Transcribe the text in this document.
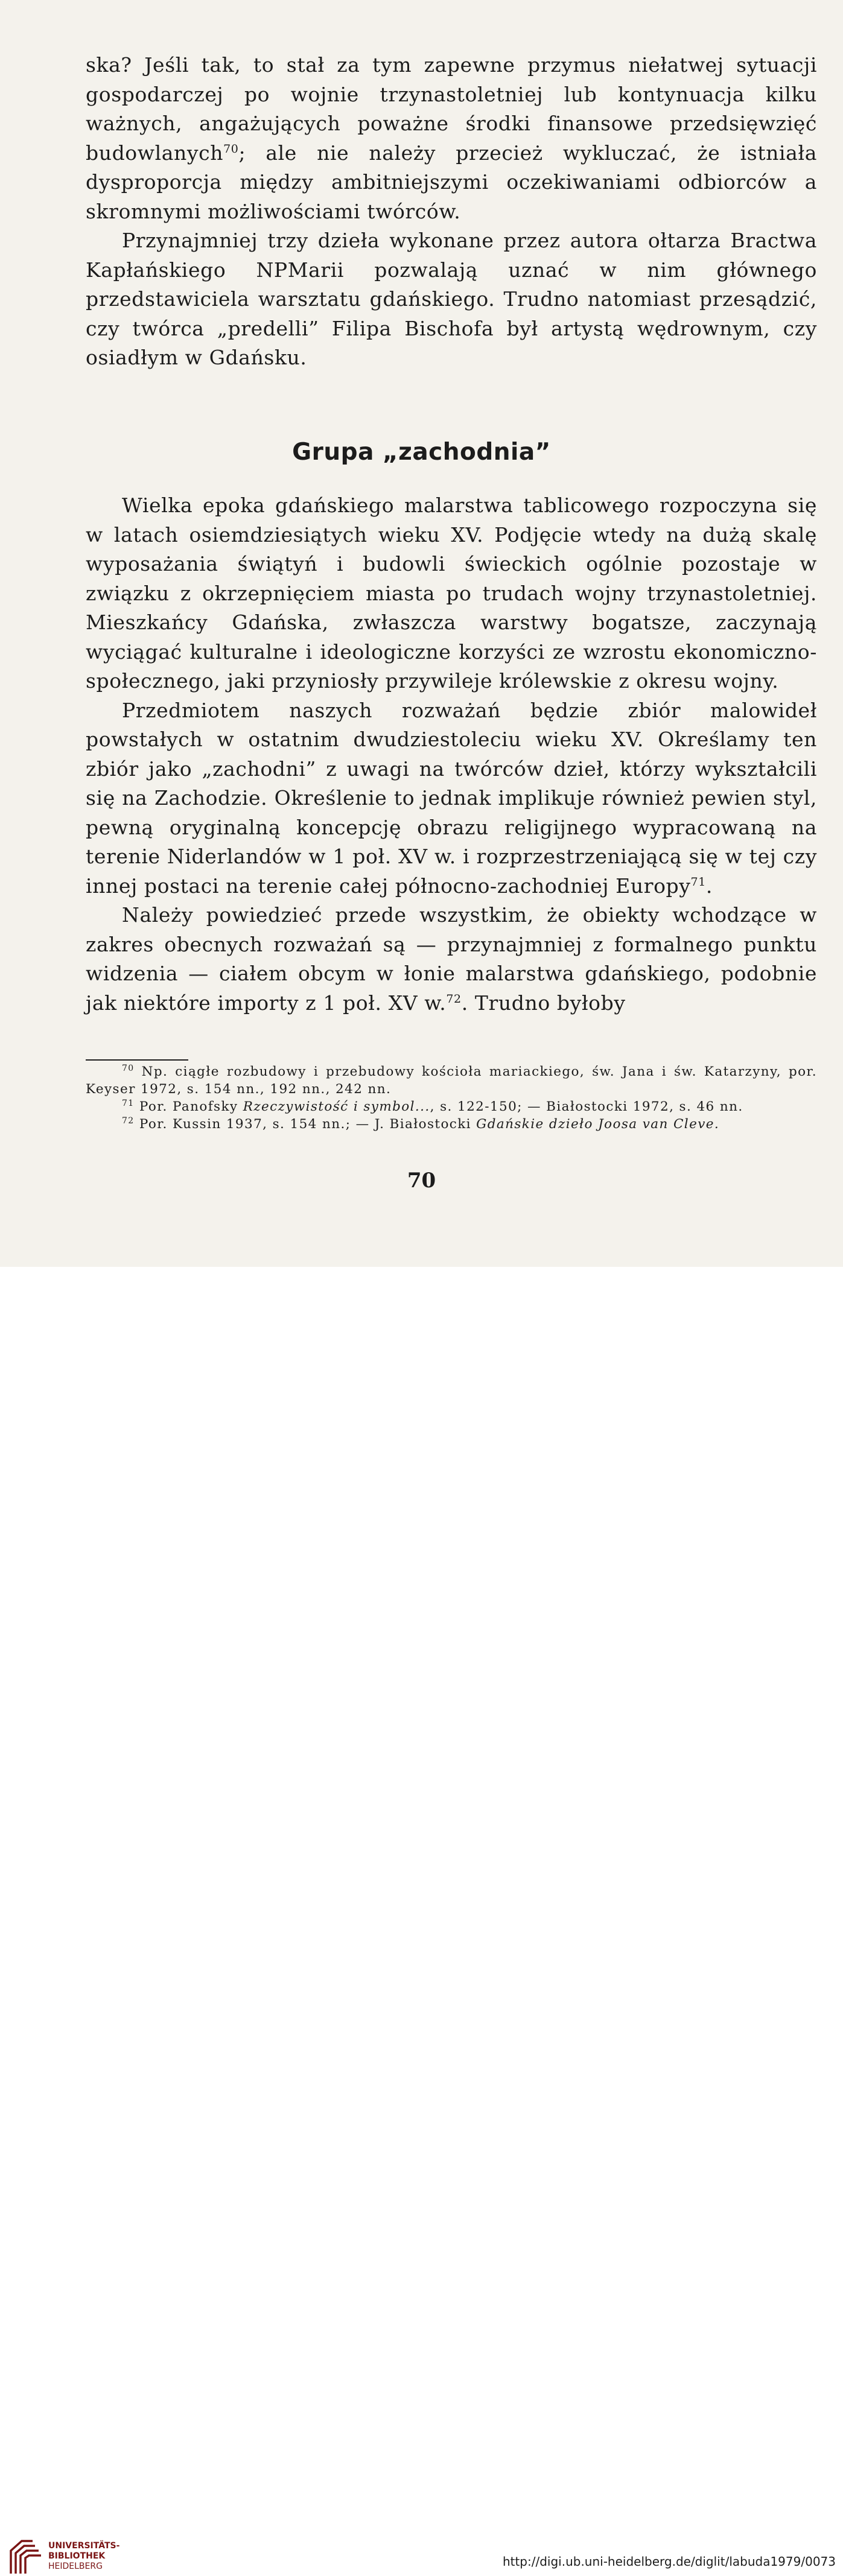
ska? Jeśli tak, to stał za tym zapewne przymus niełatwej sytuacji gospodarczej po wojnie trzynastoletniej lub kontynuacja kilku ważnych, angażujących poważne środki finansowe przedsięwzięć budowlanych$^{70}$; ale nie należy przecież wykluczać, że istniała dysproporcja między ambitniejszymi oczekiwaniami odbiorców a skromnymi możliwościami twórców.

Przynajmniej trzy dzieła wykonane przez autora ołtarza Bractwa Kapłańskiego NPMarii pozwalają uznać w nim głównego przedstawiciela warsztatu gdańskiego. Trudno natomiast przesądzić, czy twórca „predelli” Filipa Bischofa był artystą wędrownym, czy osiadłym w Gdańsku.

Grupa „zachodnia”

Wielka epoka gdańskiego malarstwa tablicowego rozpoczyna się w latach osiemdziesiątych wieku XV. Podjęcie wtedy na dużą skalę wyposażania świątyń i budowli świeckich ogólnie pozostaje w związku z okrzepnięciem miasta po trudach wojny trzynastoletniej. Mieszkańcy Gdańska, zwłaszcza warstwy bogatsze, zaczynają wyciągać kulturalne i ideologiczne korzyści ze wzrostu ekonomiczno-społecznego, jaki przyniosły przywileje królewskie z okresu wojny.

Przedmiotem naszych rozważań będzie zbiór malowideł powstałych w ostatnim dwudziestoleciu wieku XV. Określamy ten zbiór jako „zachodni” z uwagi na twórców dzieł, którzy wykształcili się na Zachodzie. Określenie to jednak implikuje również pewien styl, pewną oryginalną koncepcję obrazu religijnego wypracowaną na terenie Niderlandów w 1 poł. XV w. i rozprzestrzeniającą się w tej czy innej postaci na terenie całej północno-zachodniej Europy$^{71}$.

Należy powiedzieć przede wszystkim, że obiekty wchodzące w zakres obecnych rozważań są — przynajmniej z formalnego punktu widzenia — ciałem obcym w łonie malarstwa gdańskiego, podobnie jak niektóre importy z 1 poł. XV w.$^{72}$. Trudno byłoby

$^{70}$ Np. ciągłe rozbudowy i przebudowy kościoła mariackiego, św. Jana i św. Katarzyny, por. Keyser 1972, s. 154 nn., 192 nn., 242 nn.

$^{71}$ Por. Panofsky Rzeczywistość i symbol..., s. 122-150; — Białostocki 1972, s. 46 nn.

$^{72}$ Por. Kussin 1937, s. 154 nn.; — J. Białostocki Gdańskie dzieło Joosa van Cleve.

70
UNIVERSITÄTS-
BIBLIOTHEK
HEIDELBERG	http://digi.ub.uni-heidelberg.de/diglit/labuda1979/0073
